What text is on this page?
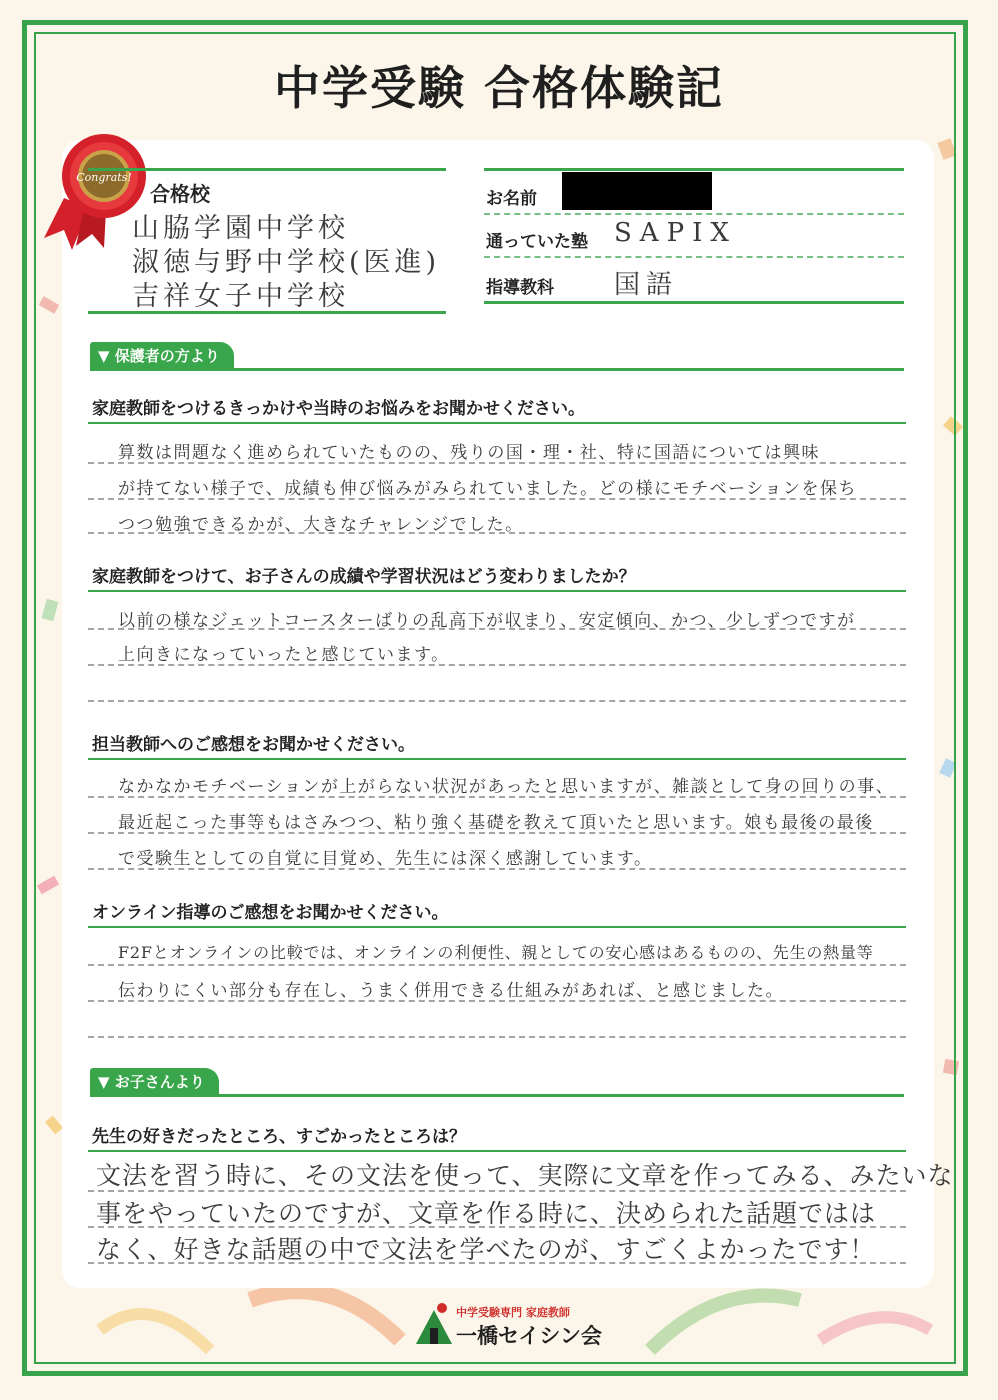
中学受験 合格体験記
Congrats!
合格校
山脇学園中学校
淑徳与野中学校(医進)
吉祥女子中学校
お名前
通っていた塾 SAPIX
指導教科 国語
▼ 保護者の方より
家庭教師をつけるきっかけや当時のお悩みをお聞かせください。
算数は問題なく進められていたものの、残りの国・理・社、特に国語については興味
が持てない様子で、成績も伸び悩みがみられていました。どの様にモチベーションを保ち
つつ勉強できるかが、大きなチャレンジでした。
家庭教師をつけて、お子さんの成績や学習状況はどう変わりましたか？
以前の様なジェットコースターばりの乱高下が収まり、安定傾向、かつ、少しずつですが
上向きになっていったと感じています。
担当教師へのご感想をお聞かせください。
なかなかモチベーションが上がらない状況があったと思いますが、雑談として身の回りの事、
最近起こった事等もはさみつつ、粘り強く基礎を教えて頂いたと思います。娘も最後の最後
で受験生としての自覚に目覚め、先生には深く感謝しています。
オンライン指導のご感想をお聞かせください。
F2Fとオンラインの比較では、オンラインの利便性、親としての安心感はあるものの、先生の熱量等
伝わりにくい部分も存在し、うまく併用できる仕組みがあれば、と感じました。
▼ お子さんより
先生の好きだったところ、すごかったところは？
文法を習う時に、その文法を使って、実際に文章を作ってみる、みたいな
事をやっていたのですが、文章を作る時に、決められた話題ではは
なく、好きな話題の中で文法を学べたのが、すごくよかったです！
中学受験専門 家庭教師
一橋セイシン会
